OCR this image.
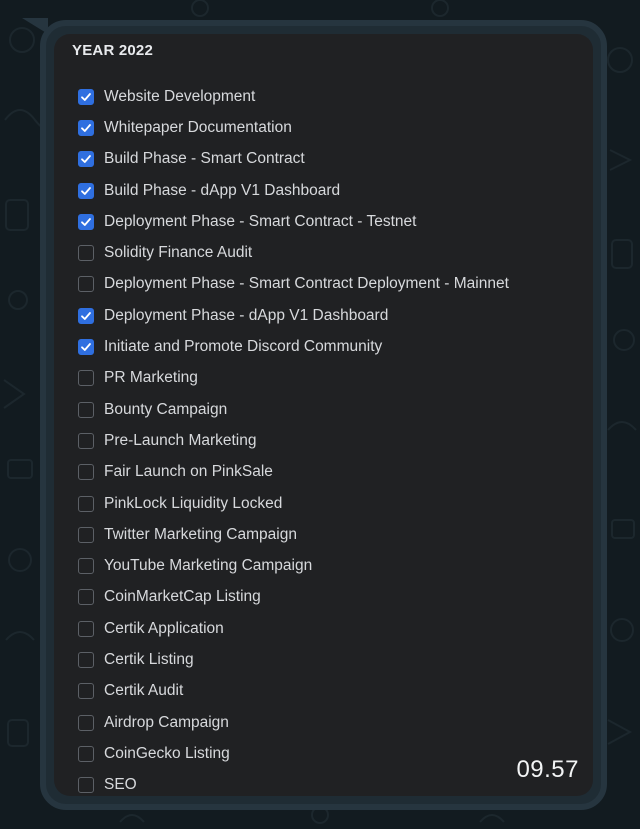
YEAR 2022
Website Development
Whitepaper Documentation
Build Phase - Smart Contract
Build Phase - dApp V1 Dashboard
Deployment Phase - Smart Contract - Testnet
Solidity Finance Audit
Deployment Phase - Smart Contract Deployment - Mainnet
Deployment Phase - dApp V1 Dashboard
Initiate and Promote Discord Community
PR Marketing
Bounty Campaign
Pre-Launch Marketing
Fair Launch on PinkSale
PinkLock Liquidity Locked
Twitter Marketing Campaign
YouTube Marketing Campaign
CoinMarketCap Listing
Certik Application
Certik Listing
Certik Audit
Airdrop Campaign
CoinGecko Listing
SEO
09.57
